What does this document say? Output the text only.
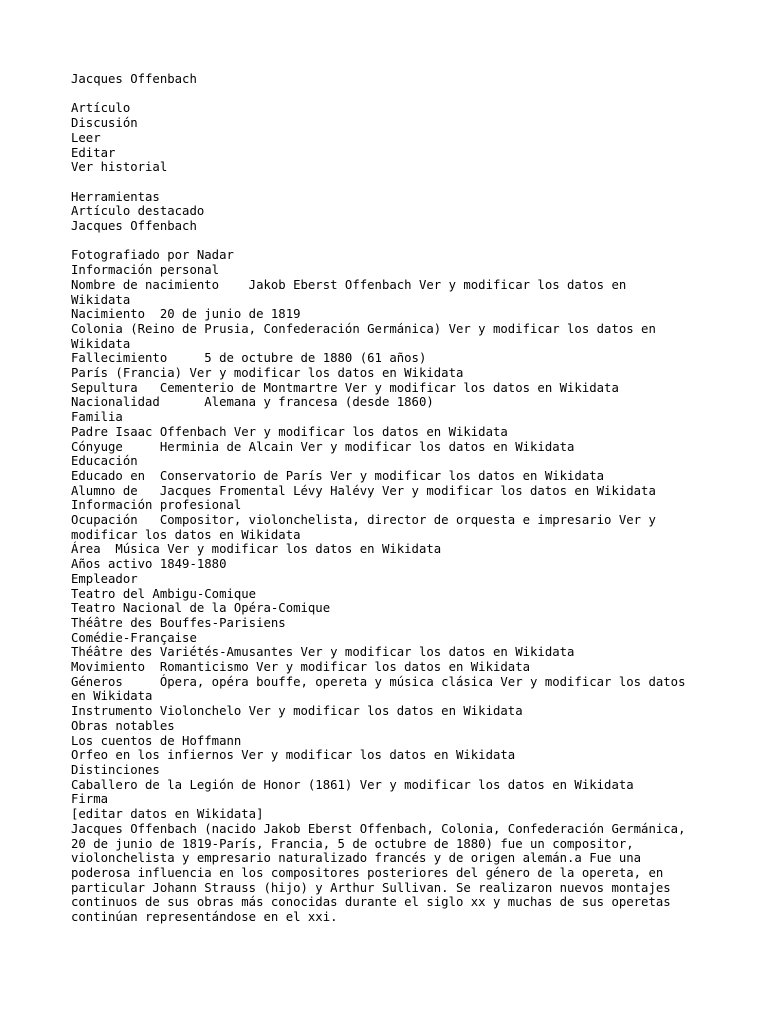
Jacques Offenbach
Artículo
Discusión
Leer
Editar
Ver historial
Herramientas
Artículo destacado
Jacques Offenbach
Fotografiado por Nadar
Información personal
Nombre de nacimiento    Jakob Eberst Offenbach Ver y modificar los datos en
Wikidata
Nacimiento  20 de junio de 1819
Colonia (Reino de Prusia, Confederación Germánica) Ver y modificar los datos en
Wikidata
Fallecimiento     5 de octubre de 1880 (61 años)
París (Francia) Ver y modificar los datos en Wikidata
Sepultura   Cementerio de Montmartre Ver y modificar los datos en Wikidata
Nacionalidad      Alemana y francesa (desde 1860)
Familia
Padre Isaac Offenbach Ver y modificar los datos en Wikidata
Cónyuge     Herminia de Alcain Ver y modificar los datos en Wikidata
Educación
Educado en  Conservatorio de París Ver y modificar los datos en Wikidata
Alumno de   Jacques Fromental Lévy Halévy Ver y modificar los datos en Wikidata
Información profesional
Ocupación   Compositor, violonchelista, director de orquesta e impresario Ver y
modificar los datos en Wikidata
Área  Música Ver y modificar los datos en Wikidata
Años activo 1849-1880
Empleador
Teatro del Ambigu-Comique
Teatro Nacional de la Opéra-Comique
Théâtre des Bouffes-Parisiens
Comédie-Française
Théâtre des Variétés-Amusantes Ver y modificar los datos en Wikidata
Movimiento  Romanticismo Ver y modificar los datos en Wikidata
Géneros     Ópera, opéra bouffe, opereta y música clásica Ver y modificar los datos
en Wikidata
Instrumento Violonchelo Ver y modificar los datos en Wikidata
Obras notables
Los cuentos de Hoffmann
Orfeo en los infiernos Ver y modificar los datos en Wikidata
Distinciones
Caballero de la Legión de Honor (1861) Ver y modificar los datos en Wikidata
Firma
[editar datos en Wikidata]
Jacques Offenbach (nacido Jakob Eberst Offenbach, Colonia, Confederación Germánica,
20 de junio de 1819-París, Francia, 5 de octubre de 1880) fue un compositor,
violonchelista y empresario naturalizado francés y de origen alemán.a Fue una
poderosa influencia en los compositores posteriores del género de la opereta, en
particular Johann Strauss (hijo) y Arthur Sullivan. Se realizaron nuevos montajes
continuos de sus obras más conocidas durante el siglo xx y muchas de sus operetas
continúan representándose en el xxi.
